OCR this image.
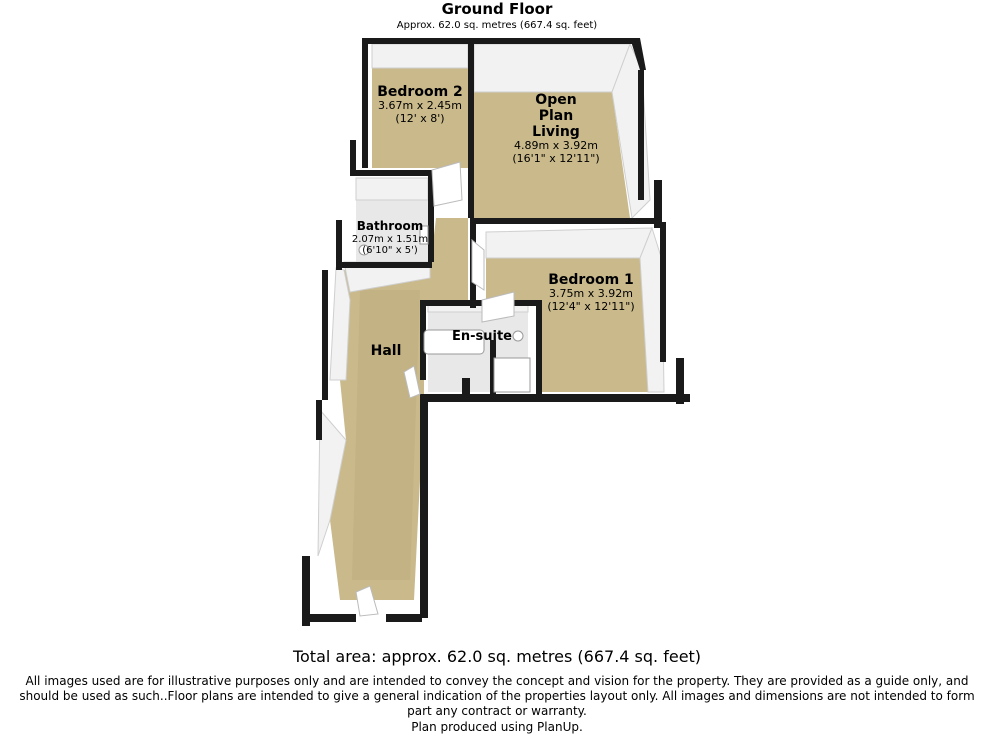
Ground Floor
Approx. 62.0 sq. metres (667.4 sq. feet)
Bedroom 2
3.67m x 2.45m
(12' x 8')
Open
Plan
Living
4.89m x 3.92m
(16'1" x 12'11")
Bathroom
2.07m x 1.51m
(6'10" x 5')
Bedroom 1
3.75m x 3.92m
(12'4" x 12'11")
En-suite
Hall
Total area: approx. 62.0 sq. metres (667.4 sq. feet)
All images used are for illustrative purposes only and are intended to convey the concept and vision for the property. They are provided as a guide only, and should be used as such..Floor plans are intended to give a general indication of the properties layout only. All images and dimensions are not intended to form part any contract or warranty.
Plan produced using PlanUp.
